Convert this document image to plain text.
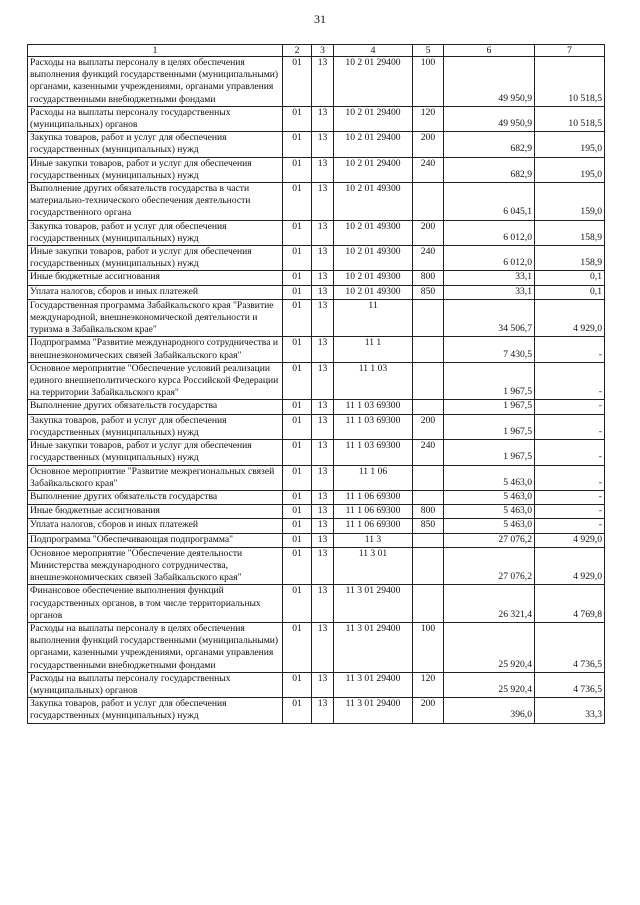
31
1	2	3	4	5	6	7
Расходы на выплаты персоналу в целях обеспечения выполнения функций государственными (муниципальными) органами, казенными учреждениями, органами управления государственными внебюджетными фондами	01	13	10 2 01 29400	100	49 950,9	10 518,5
Расходы на выплаты персоналу государственных (муниципальных) органов	01	13	10 2 01 29400	120	49 950,9	10 518,5
Закупка товаров, работ и услуг для обеспечения государственных (муниципальных) нужд	01	13	10 2 01 29400	200	682,9	195,0
Иные закупки товаров, работ и услуг для обеспечения государственных (муниципальных) нужд	01	13	10 2 01 29400	240	682,9	195,0
Выполнение других обязательств государства в части материально-технического обеспечения деятельности государственного органа	01	13	10 2 01 49300		6 045,1	159,0
Закупка товаров, работ и услуг для обеспечения государственных (муниципальных) нужд	01	13	10 2 01 49300	200	6 012,0	158,9
Иные закупки товаров, работ и услуг для обеспечения государственных (муниципальных) нужд	01	13	10 2 01 49300	240	6 012,0	158,9
Иные бюджетные ассигнования	01	13	10 2 01 49300	800	33,1	0,1
Уплата налогов, сборов и иных платежей	01	13	10 2 01 49300	850	33,1	0,1
Государственная программа Забайкальского края "Развитие международной, внешнеэкономической деятельности и туризма в Забайкальском крае"	01	13	11		34 506,7	4 929,0
Подпрограмма "Развитие международного сотрудничества и внешнеэкономических связей Забайкальского края"	01	13	11 1		7 430,5	-
Основное мероприятие "Обеспечение условий реализации единого внешнеполитического курса Российской Федерации на территории Забайкальского края"	01	13	11 1 03		1 967,5	-
Выполнение других обязательств государства	01	13	11 1 03 69300		1 967,5	-
Закупка товаров, работ и услуг для обеспечения государственных (муниципальных) нужд	01	13	11 1 03 69300	200	1 967,5	-
Иные закупки товаров, работ и услуг для обеспечения государственных (муниципальных) нужд	01	13	11 1 03 69300	240	1 967,5	-
Основное мероприятие "Развитие межрегиональных связей Забайкальского края"	01	13	11 1 06		5 463,0	-
Выполнение других обязательств государства	01	13	11 1 06 69300		5 463,0	-
Иные бюджетные ассигнования	01	13	11 1 06 69300	800	5 463,0	-
Уплата налогов, сборов и иных платежей	01	13	11 1 06 69300	850	5 463,0	-
Подпрограмма "Обеспечивающая подпрограмма"	01	13	11 3		27 076,2	4 929,0
Основное мероприятие "Обеспечение деятельности Министерства международного сотрудничества, внешнеэкономических связей Забайкальского края"	01	13	11 3 01		27 076,2	4 929,0
Финансовое обеспечение выполнения функций государственных органов, в том числе территориальных органов	01	13	11 3 01 29400		26 321,4	4 769,8
Расходы на выплаты персоналу в целях обеспечения выполнения функций государственными (муниципальными) органами, казенными учреждениями, органами управления государственными внебюджетными фондами	01	13	11 3 01 29400	100	25 920,4	4 736,5
Расходы на выплаты персоналу государственных (муниципальных) органов	01	13	11 3 01 29400	120	25 920,4	4 736,5
Закупка товаров, работ и услуг для обеспечения государственных (муниципальных) нужд	01	13	11 3 01 29400	200	396,0	33,3
